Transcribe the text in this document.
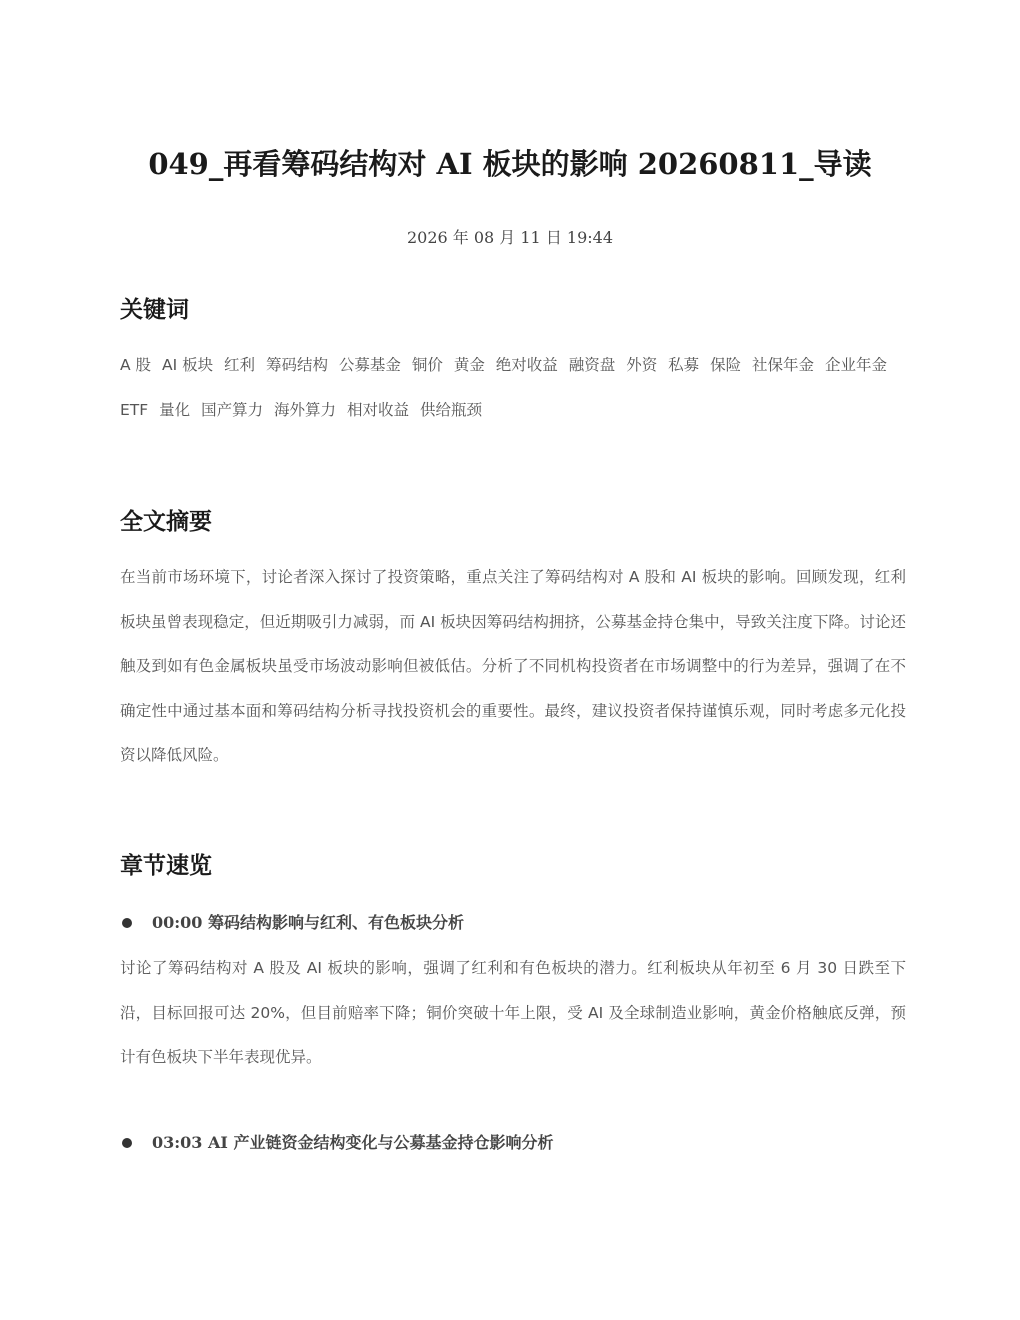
049_再看筹码结构对 AI 板块的影响 20260811_导读
2026 年 08 月 11 日 19:44
关键词

A 股 AI 板块 红利 筹码结构 公募基金 铜价 黄金 绝对收益 融资盘 外资 私募 保险 社保年金 企业年金 ETF 量化 国产算力 海外算力 相对收益 供给瓶颈

全文摘要

在当前市场环境下，讨论者深入探讨了投资策略，重点关注了筹码结构对 A 股和 AI 板块的影响。回顾发现，红利板块虽曾表现稳定，但近期吸引力减弱，而 AI 板块因筹码结构拥挤，公募基金持仓集中，导致关注度下降。讨论还触及到如有色金属板块虽受市场波动影响但被低估。分析了不同机构投资者在市场调整中的行为差异，强调了在不确定性中通过基本面和筹码结构分析寻找投资机会的重要性。最终，建议投资者保持谨慎乐观，同时考虑多元化投资以降低风险。

章节速览
00:00 筹码结构影响与红利、有色板块分析

讨论了筹码结构对 A 股及 AI 板块的影响，强调了红利和有色板块的潜力。红利板块从年初至 6 月 30 日跌至下沿，目标回报可达 20%，但目前赔率下降；铜价突破十年上限，受 AI 及全球制造业影响，黄金价格触底反弹，预计有色板块下半年表现优异。

03:03 AI 产业链资金结构变化与公募基金持仓影响分析
